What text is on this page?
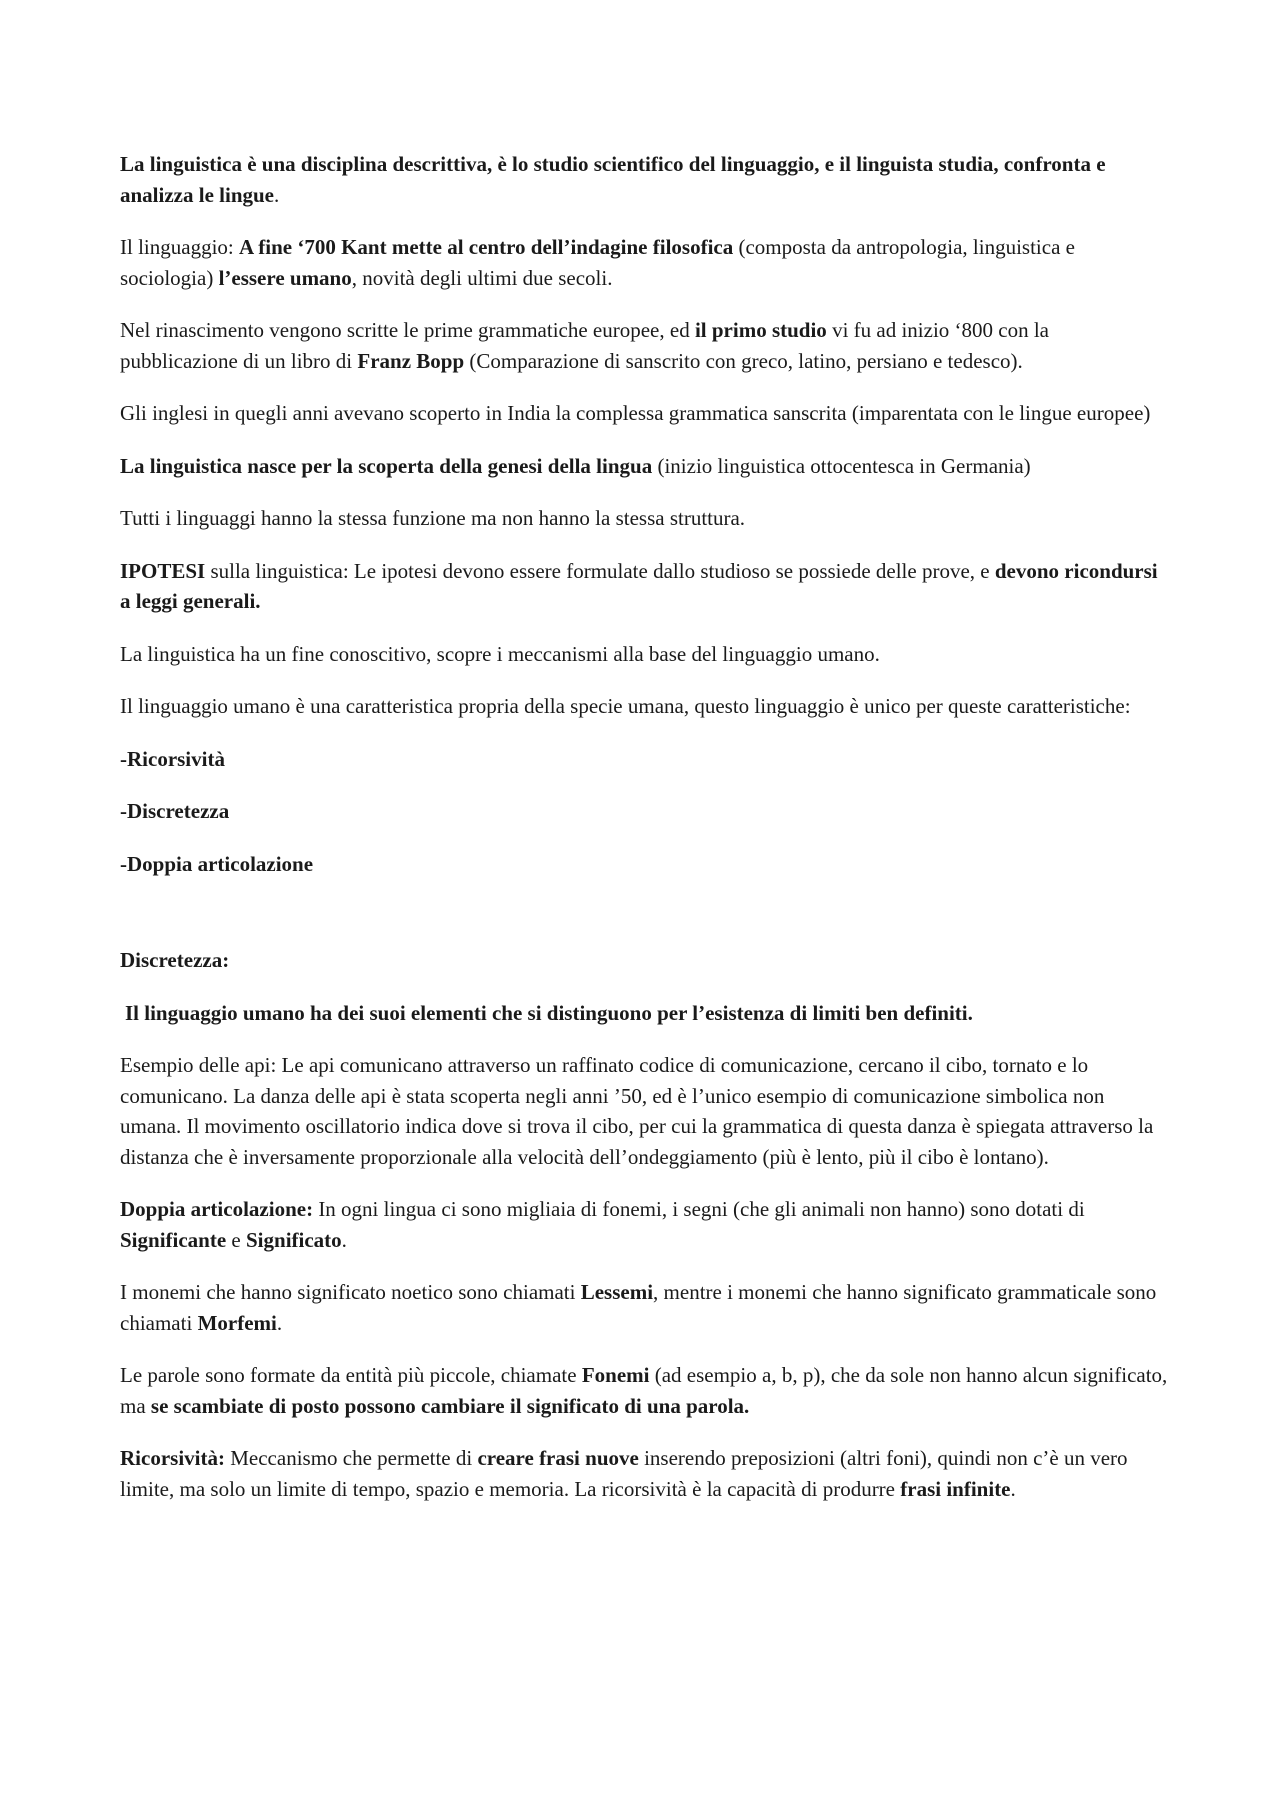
La linguistica è una disciplina descrittiva, è lo studio scientifico del linguaggio, e il linguista studia, confronta e analizza le lingue.

Il linguaggio: A fine ‘700 Kant mette al centro dell’indagine filosofica (composta da antropologia, linguistica e sociologia) l’essere umano, novità degli ultimi due secoli.

Nel rinascimento vengono scritte le prime grammatiche europee, ed il primo studio vi fu ad inizio ‘800 con la pubblicazione di un libro di Franz Bopp (Comparazione di sanscrito con greco, latino, persiano e tedesco).

Gli inglesi in quegli anni avevano scoperto in India la complessa grammatica sanscrita (imparentata con le lingue europee)

La linguistica nasce per la scoperta della genesi della lingua (inizio linguistica ottocentesca in Germania)

Tutti i linguaggi hanno la stessa funzione ma non hanno la stessa struttura.

IPOTESI sulla linguistica: Le ipotesi devono essere formulate dallo studioso se possiede delle prove, e devono ricondursi a leggi generali.

La linguistica ha un fine conoscitivo, scopre i meccanismi alla base del linguaggio umano.

Il linguaggio umano è una caratteristica propria della specie umana, questo linguaggio è unico per queste caratteristiche:

-Ricorsività

-Discretezza

-Doppia articolazione

Discretezza:

Il linguaggio umano ha dei suoi elementi che si distinguono per l’esistenza di limiti ben definiti.

Esempio delle api: Le api comunicano attraverso un raffinato codice di comunicazione, cercano il cibo, tornato e lo comunicano. La danza delle api è stata scoperta negli anni ’50, ed è l’unico esempio di comunicazione simbolica non umana. Il movimento oscillatorio indica dove si trova il cibo, per cui la grammatica di questa danza è spiegata attraverso la distanza che è inversamente proporzionale alla velocità dell’ondeggiamento (più è lento, più il cibo è lontano).

Doppia articolazione: In ogni lingua ci sono migliaia di fonemi, i segni (che gli animali non hanno) sono dotati di Significante e Significato.

I monemi che hanno significato noetico sono chiamati Lessemi, mentre i monemi che hanno significato grammaticale sono chiamati Morfemi.

Le parole sono formate da entità più piccole, chiamate Fonemi (ad esempio a, b, p), che da sole non hanno alcun significato, ma se scambiate di posto possono cambiare il significato di una parola.

Ricorsività: Meccanismo che permette di creare frasi nuove inserendo preposizioni (altri foni), quindi non c’è un vero limite, ma solo un limite di tempo, spazio e memoria. La ricorsività è la capacità di produrre frasi infinite.
